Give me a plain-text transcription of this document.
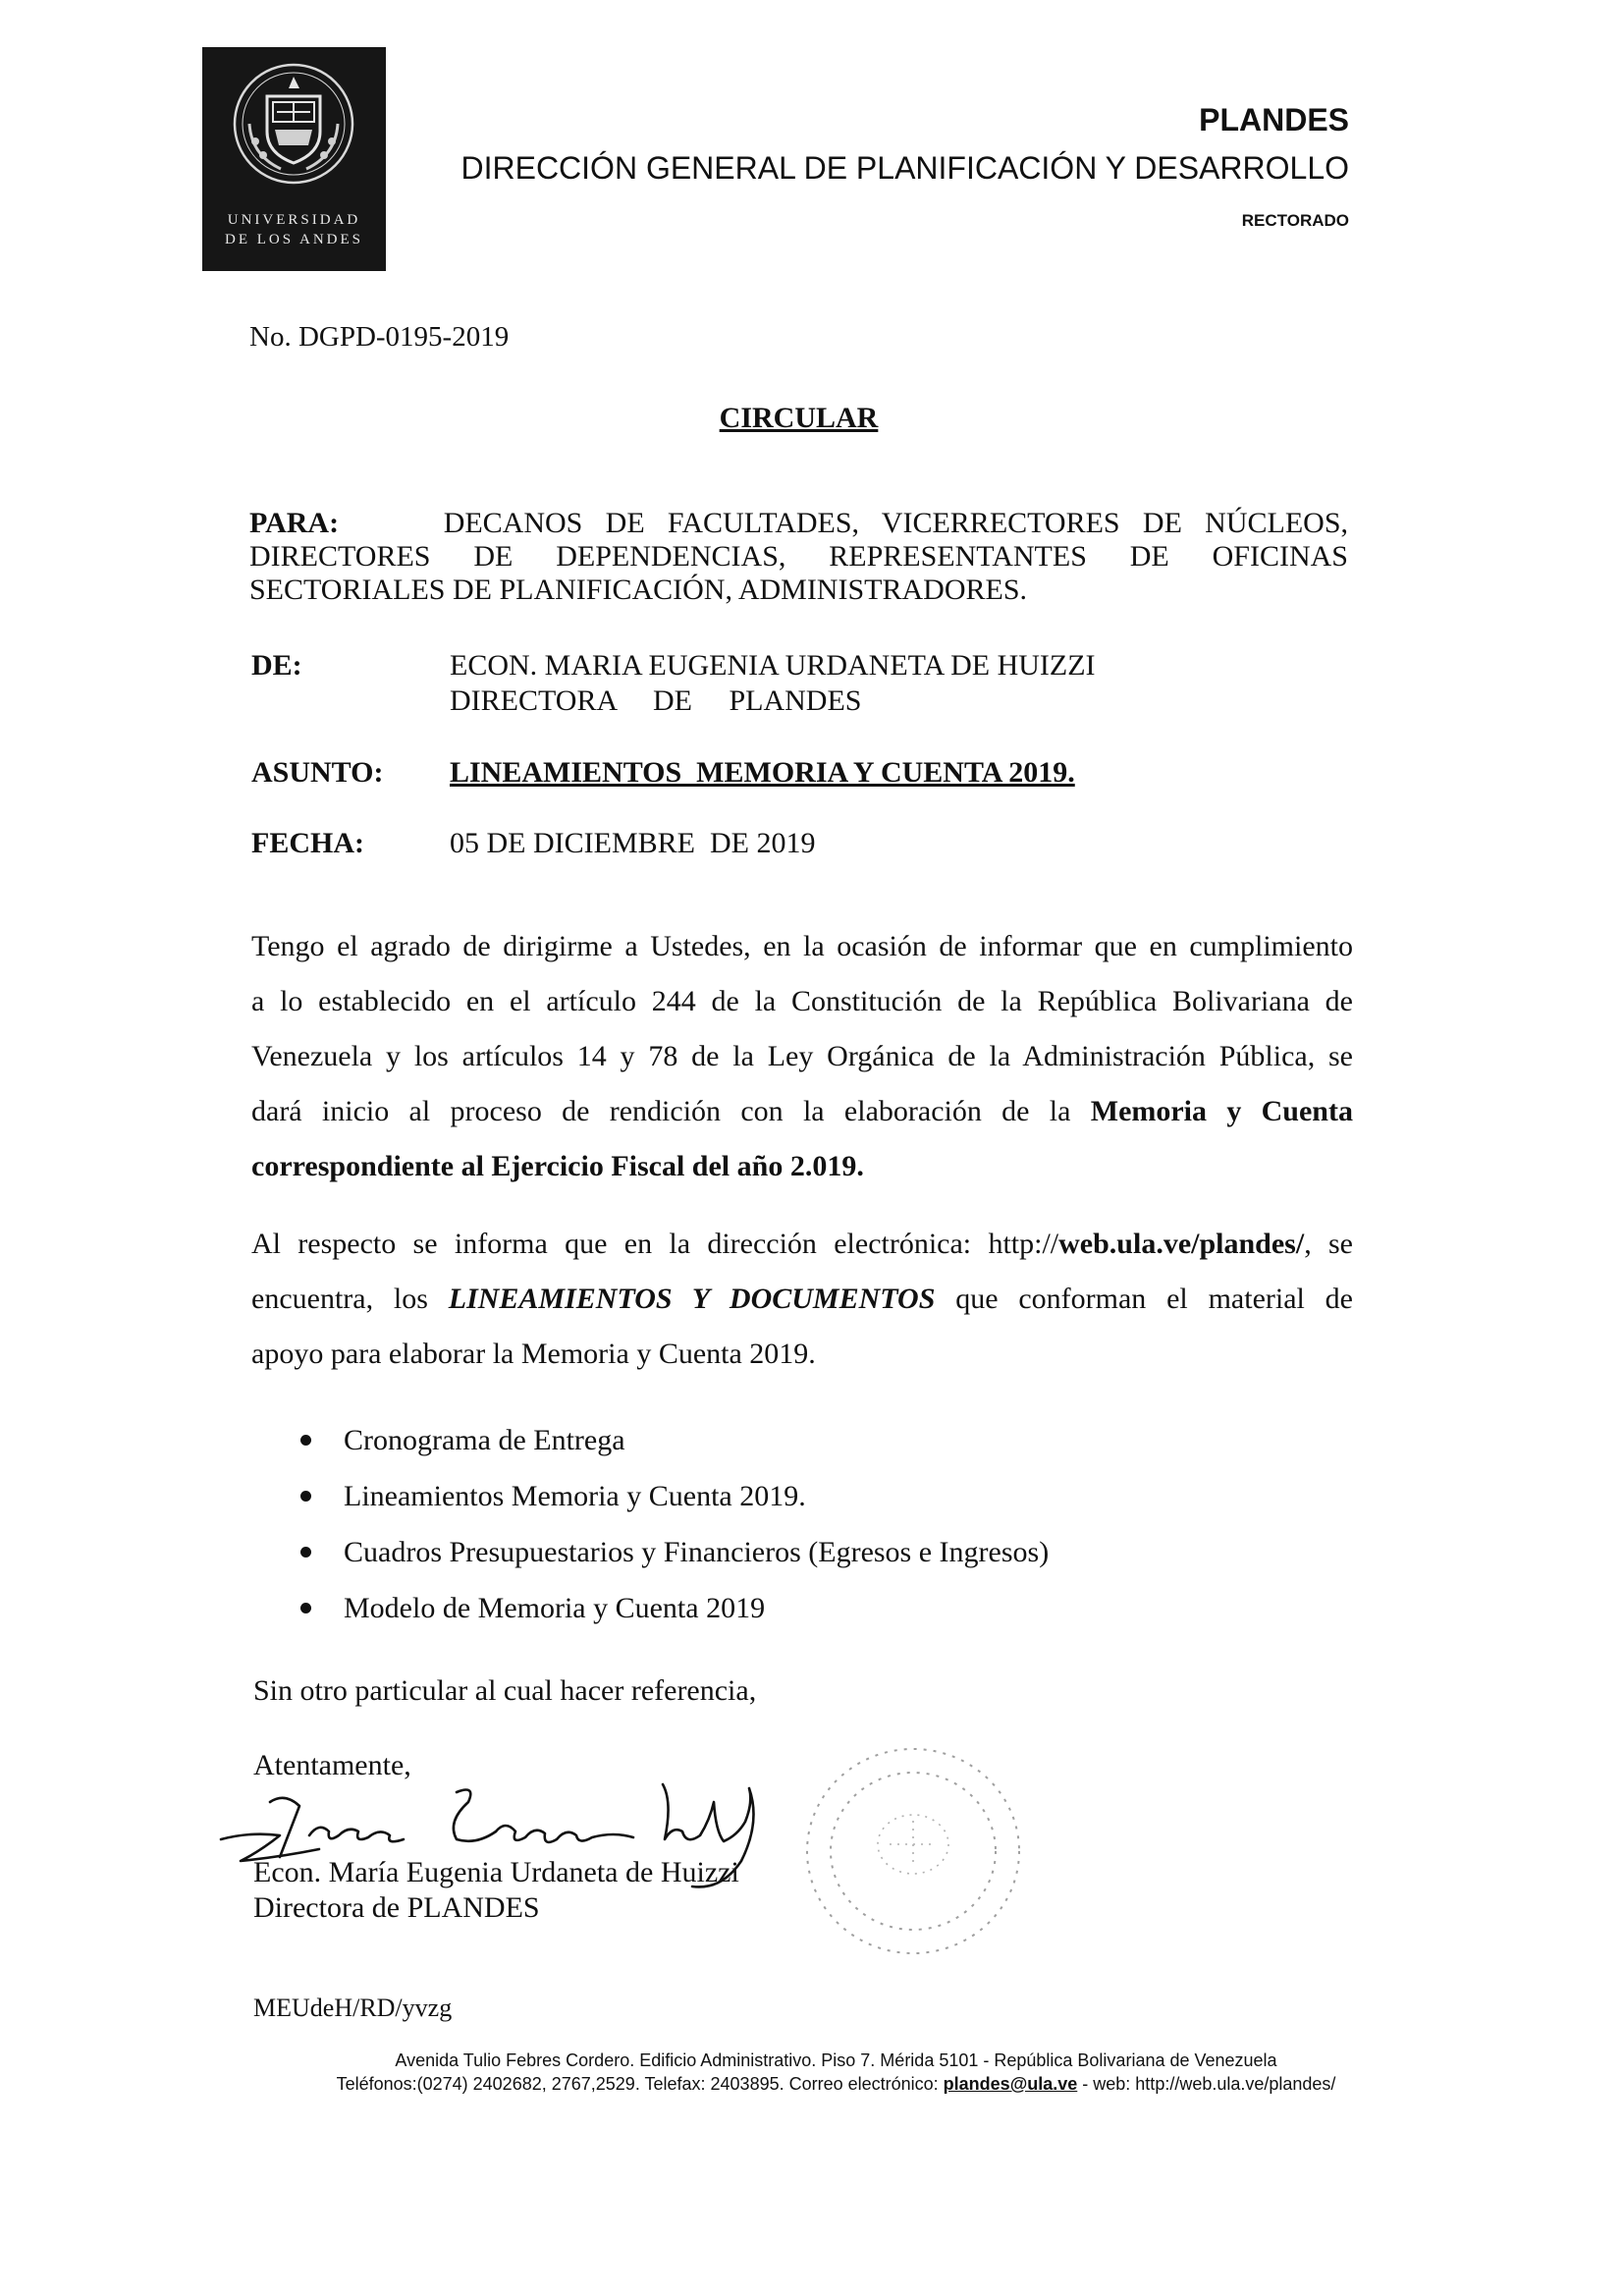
UNIVERSIDAD
DE LOS ANDES
PLANDES
DIRECCIÓN GENERAL DE PLANIFICACIÓN Y DESARROLLO
RECTORADO
No. DGPD-0195-2019
CIRCULAR
PARA:	DECANOS DE FACULTADES, VICERRECTORES DE NÚCLEOS,
DIRECTORES DE DEPENDENCIAS, REPRESENTANTES DE OFICINAS
SECTORIALES DE PLANIFICACIÓN, ADMINISTRADORES.
DE:	ECON. MARIA EUGENIA URDANETA DE HUIZZI
DIRECTORA     DE     PLANDES
ASUNTO: LINEAMIENTOS  MEMORIA Y CUENTA 2019.
FECHA:	05 DE DICIEMBRE  DE 2019
Tengo el agrado de dirigirme a Ustedes, en la ocasión de informar que en cumplimiento
a lo establecido en el artículo 244 de la Constitución de la República Bolivariana de
Venezuela y los artículos 14 y 78 de la Ley Orgánica de la Administración Pública, se
dará inicio al proceso de rendición con la elaboración de la Memoria y Cuenta
correspondiente al Ejercicio Fiscal del año 2.019.
Al respecto se informa que en la dirección electrónica: http://web.ula.ve/plandes/, se
encuentra, los LINEAMIENTOS Y DOCUMENTOS que conforman el material de
apoyo para elaborar la Memoria y Cuenta 2019.
Cronograma de Entrega
Lineamientos Memoria y Cuenta 2019.
Cuadros Presupuestarios y Financieros (Egresos e Ingresos)
Modelo de Memoria y Cuenta 2019
Sin otro particular al cual hacer referencia,
Atentamente,
Econ. María Eugenia Urdaneta de Huizzi
Directora de PLANDES
MEUdeH/RD/yvzg
Avenida Tulio Febres Cordero. Edificio Administrativo. Piso 7. Mérida 5101 - República Bolivariana de Venezuela
Teléfonos:(0274) 2402682, 2767,2529. Telefax: 2403895. Correo electrónico: plandes@ula.ve - web: http://web.ula.ve/plandes/
